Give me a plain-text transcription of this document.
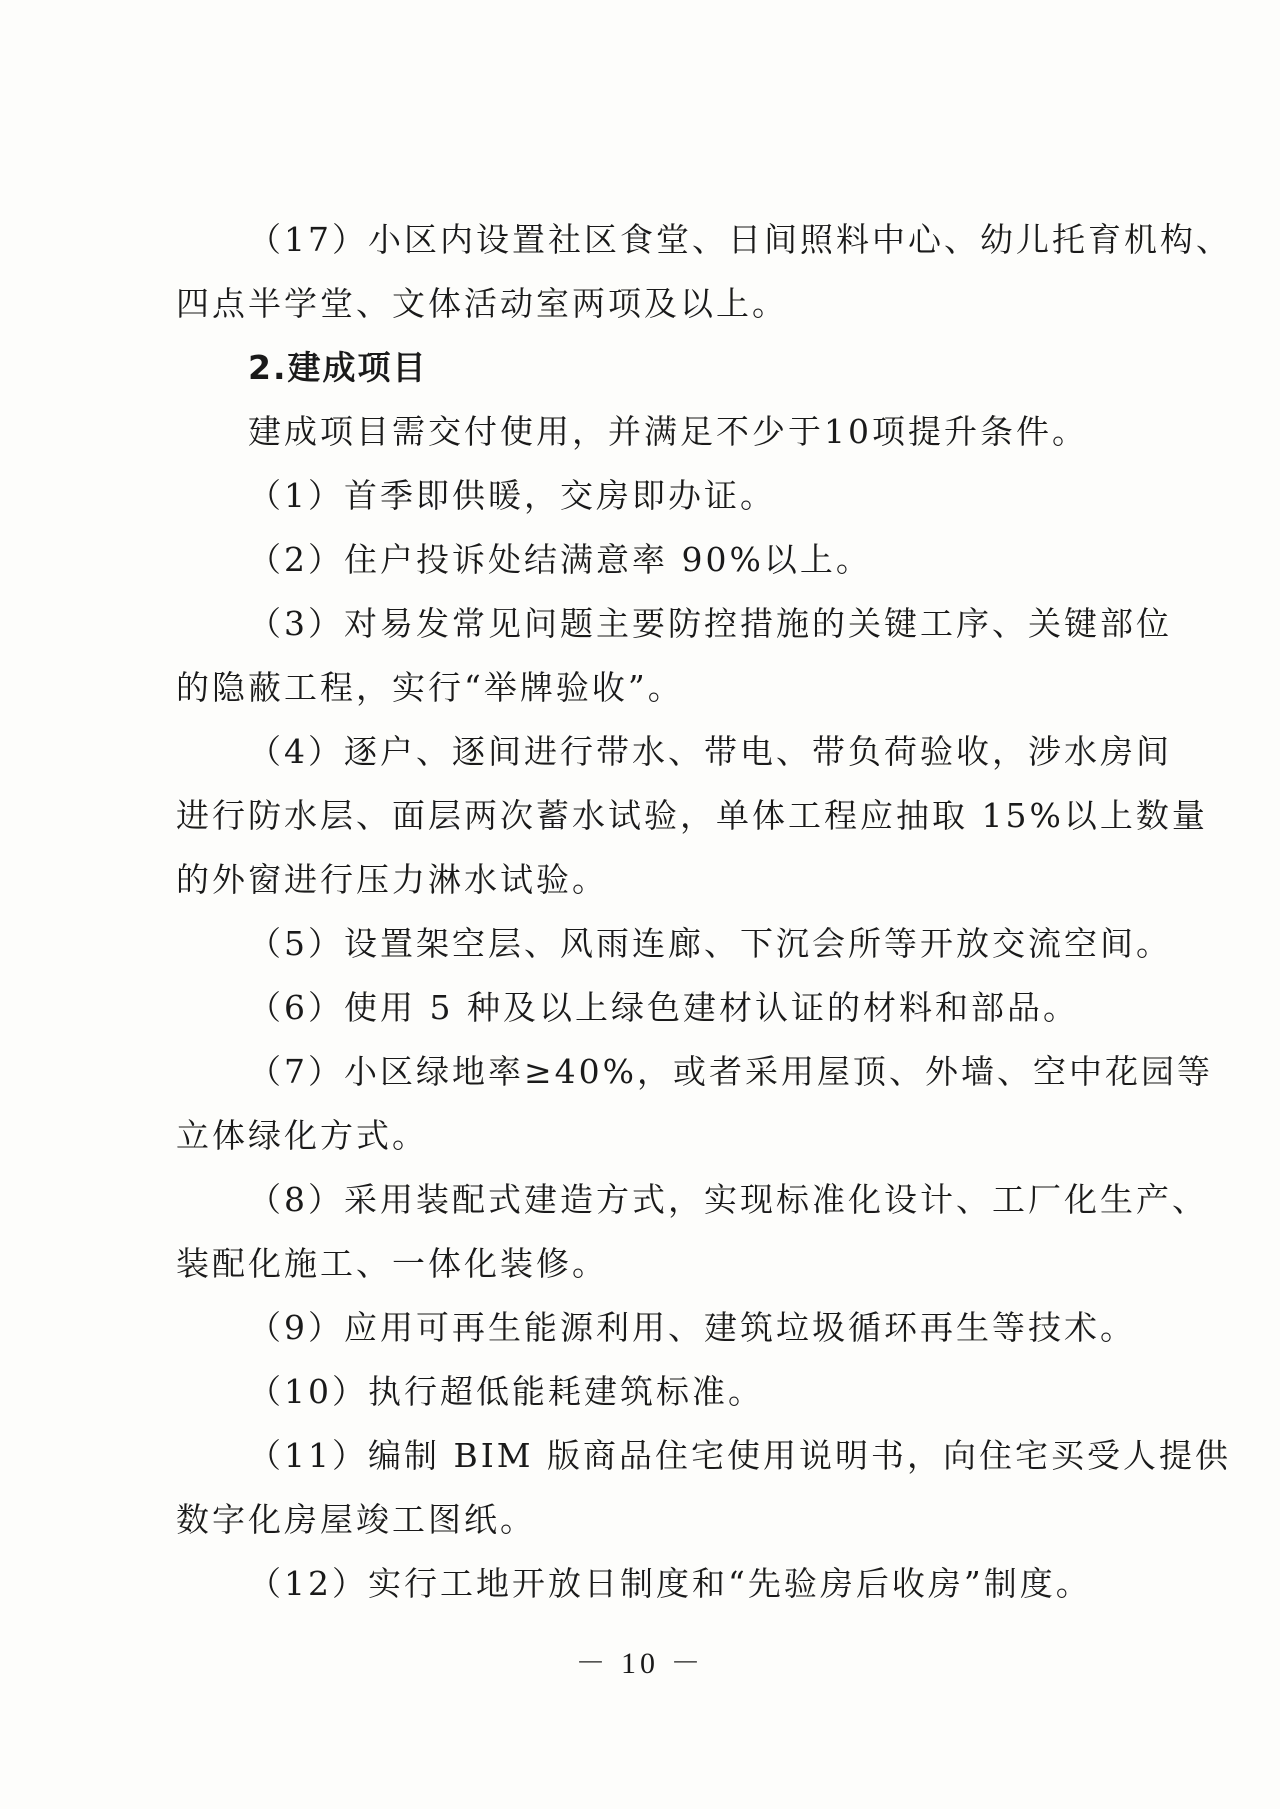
（17）小区内设置社区食堂、日间照料中心、幼儿托育机构、
四点半学堂、文体活动室两项及以上。
2.建成项目
建成项目需交付使用，并满足不少于10项提升条件。
（1）首季即供暖，交房即办证。
（2）住户投诉处结满意率 90%以上。
（3）对易发常见问题主要防控措施的关键工序、关键部位
的隐蔽工程，实行“举牌验收”。
（4）逐户、逐间进行带水、带电、带负荷验收，涉水房间
进行防水层、面层两次蓄水试验，单体工程应抽取 15%以上数量
的外窗进行压力淋水试验。
（5）设置架空层、风雨连廊、下沉会所等开放交流空间。
（6）使用 5 种及以上绿色建材认证的材料和部品。
（7）小区绿地率≥40%，或者采用屋顶、外墙、空中花园等
立体绿化方式。
（8）采用装配式建造方式，实现标准化设计、工厂化生产、
装配化施工、一体化装修。
（9）应用可再生能源利用、建筑垃圾循环再生等技术。
（10）执行超低能耗建筑标准。
（11）编制 BIM 版商品住宅使用说明书，向住宅买受人提供
数字化房屋竣工图纸。
（12）实行工地开放日制度和“先验房后收房”制度。
－ 10 －
